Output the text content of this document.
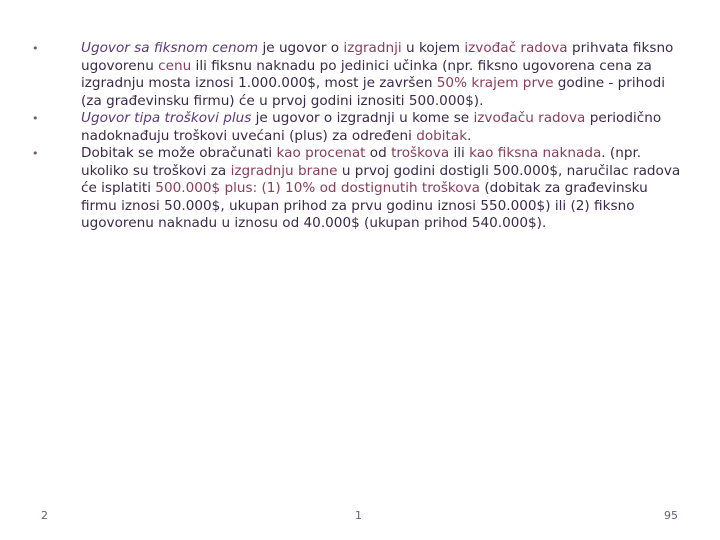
•	Ugovor sa fiksnom cenom je ugovor o izgradnji u kojem izvođač radova prihvata fiksno ugovorenu cenu ili fiksnu naknadu po jedinici učinka (npr. fiksno ugovorena cena za izgradnju mosta iznosi 1.000.000$, most je završen 50% krajem prve godine - prihodi (za građevinsku firmu) će u prvoj godini iznositi 500.000$).
•	Ugovor tipa troškovi plus je ugovor o izgradnji u kome se izvođaču radova periodično nadoknađuju troškovi uvećani (plus) za određeni dobitak.
•	Dobitak se može obračunati kao procenat od troškova ili kao fiksna naknada. (npr. ukoliko su troškovi za izgradnju brane u prvoj godini dostigli 500.000$, naručilac radova će isplatiti 500.000$ plus: (1) 10% od dostignutih troškova (dobitak za građevinsku firmu iznosi 50.000$, ukupan prihod za prvu godinu iznosi 550.000$) ili (2) fiksno ugovorenu naknadu u iznosu od 40.000$ (ukupan prihod 540.000$).
2	1	95
